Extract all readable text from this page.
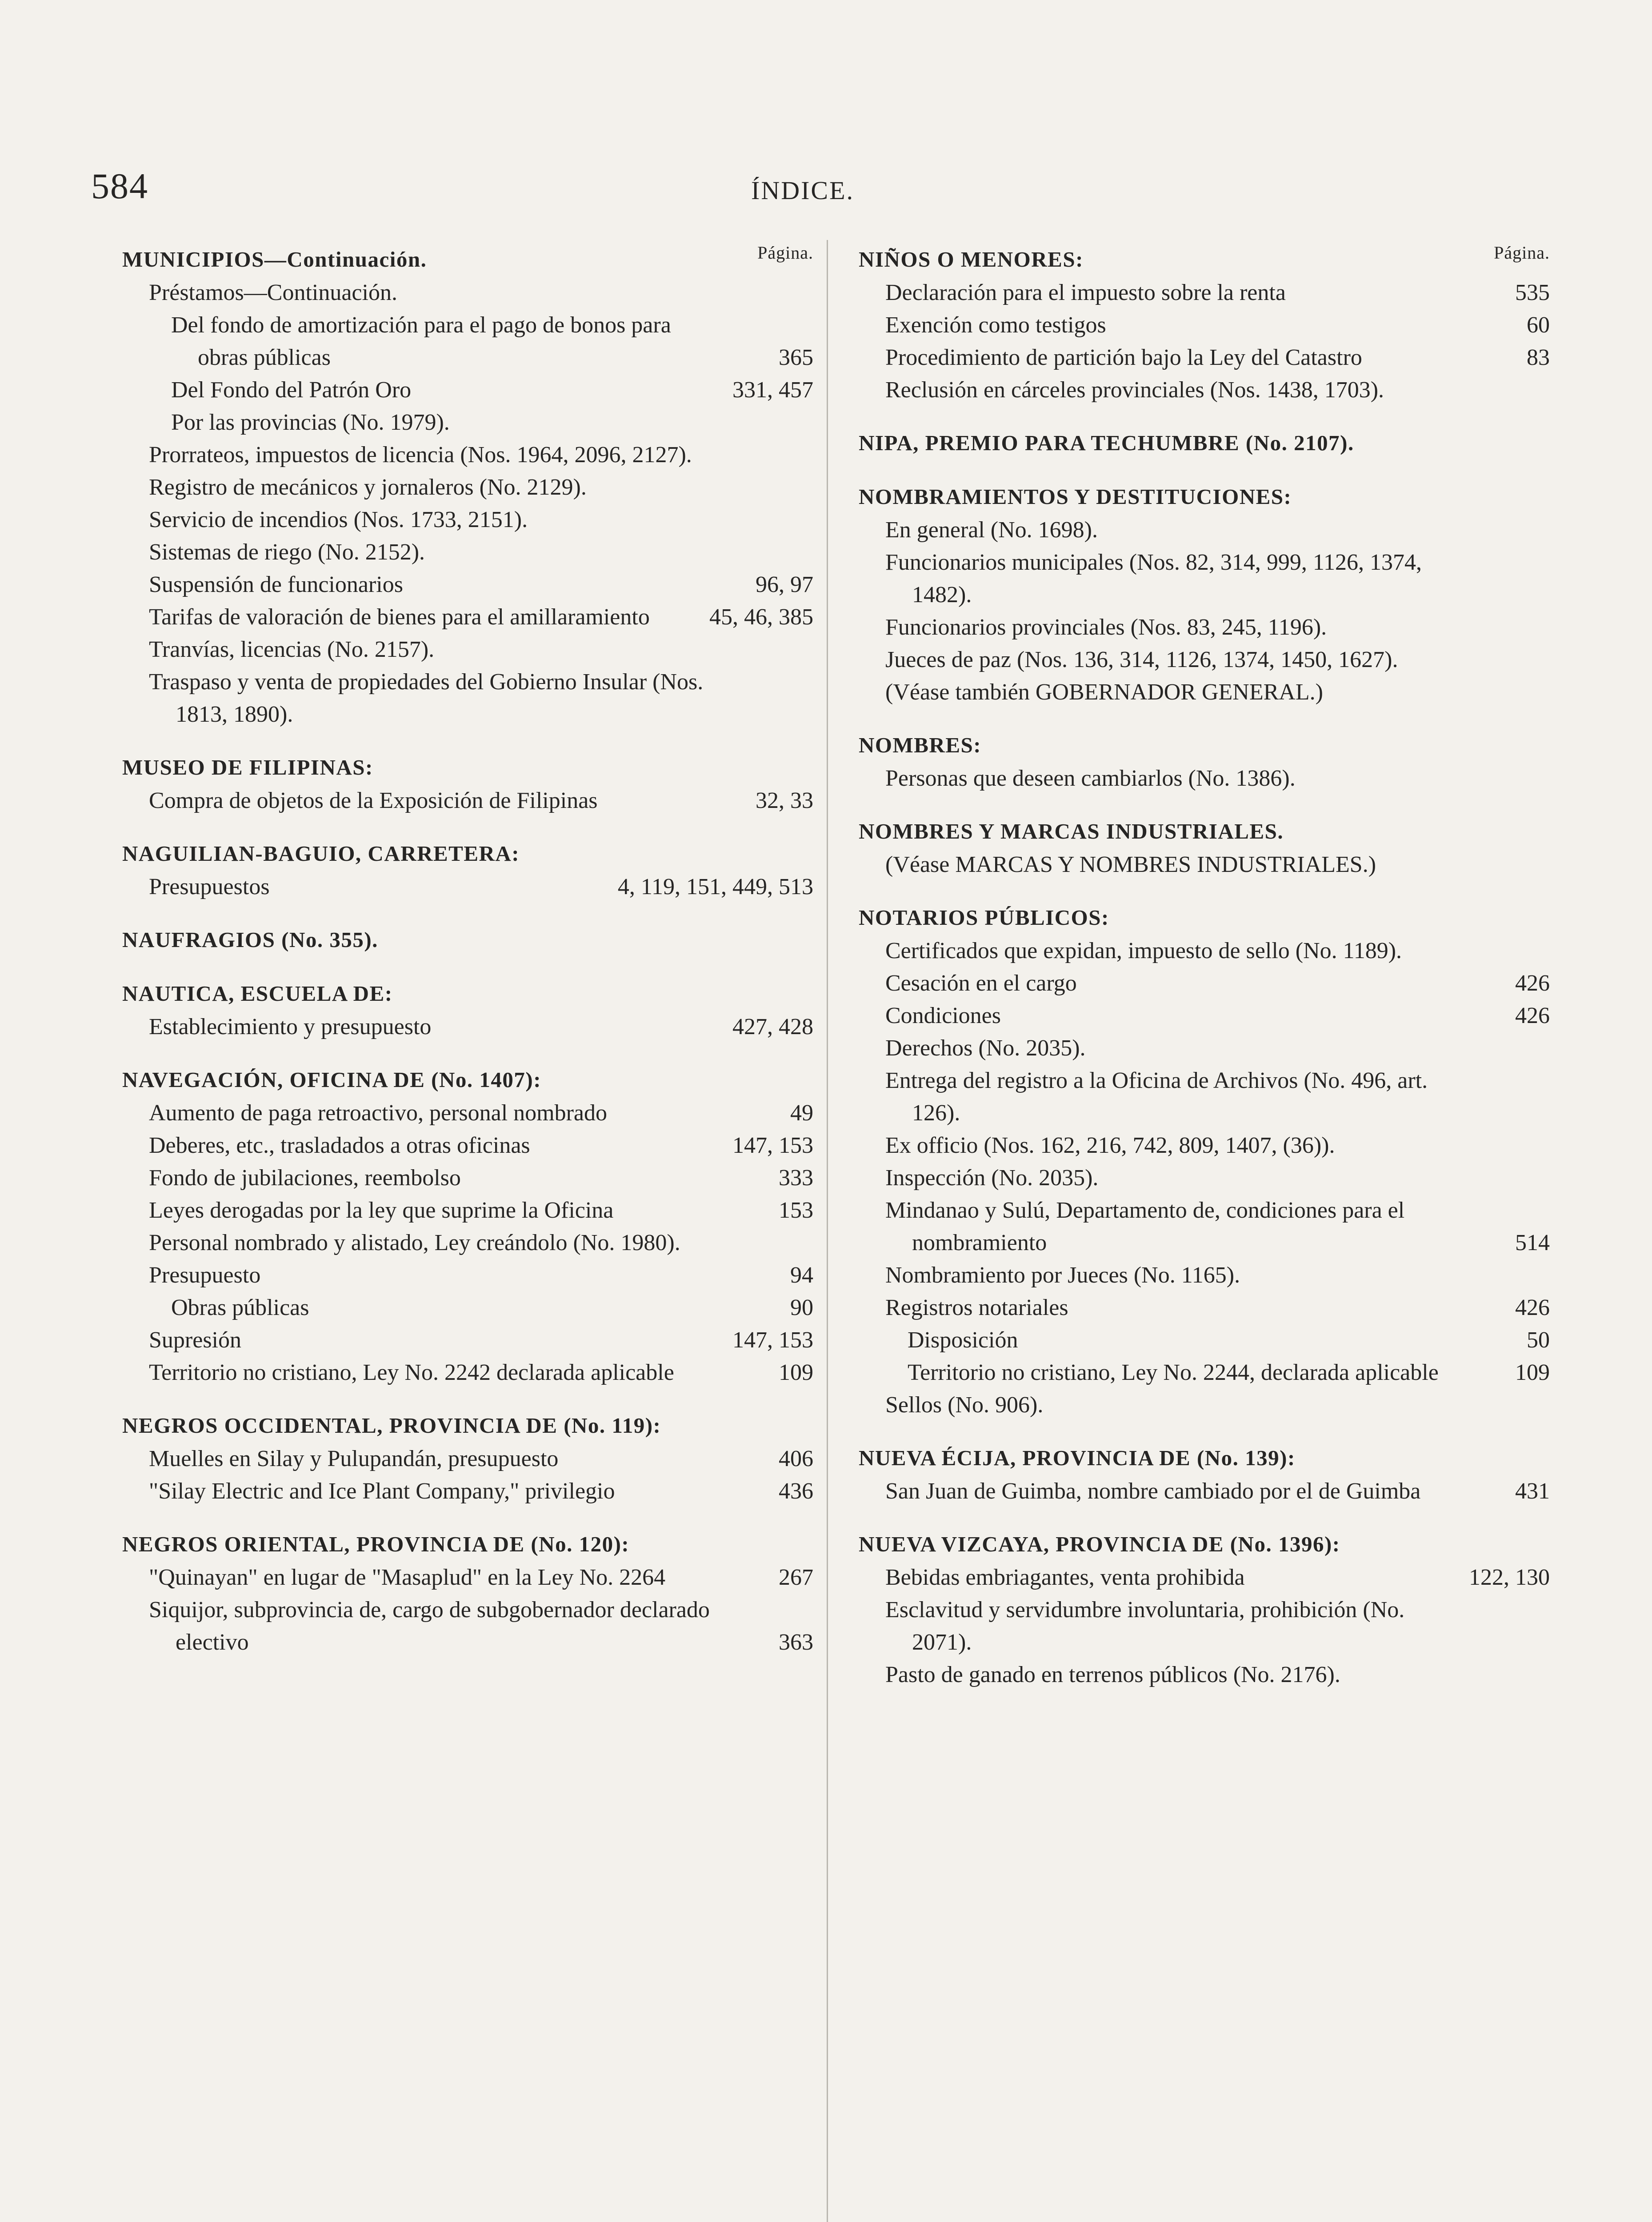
584	ÍNDICE.
Página.
MUNICIPIOS—Continuación.
Préstamos—Continuación.
Del fondo de amortización para el pago de bonos para obras públicas	365
Del Fondo del Patrón Oro	331, 457
Por las provincias (No. 1979).
Prorrateos, impuestos de licencia (Nos. 1964, 2096, 2127).
Registro de mecánicos y jornaleros (No. 2129).
Servicio de incendios (Nos. 1733, 2151).
Sistemas de riego (No. 2152).
Suspensión de funcionarios	96, 97
Tarifas de valoración de bienes para el amillaramiento	45, 46, 385
Tranvías, licencias (No. 2157).
Traspaso y venta de propiedades del Gobierno Insular (Nos. 1813, 1890).
MUSEO DE FILIPINAS:
Compra de objetos de la Exposición de Filipinas	32, 33
NAGUILIAN-BAGUIO, CARRETERA:
Presupuestos	4, 119, 151, 449, 513
NAUFRAGIOS (No. 355).
NAUTICA, ESCUELA DE:
Establecimiento y presupuesto	427, 428
NAVEGACIÓN, OFICINA DE (No. 1407):
Aumento de paga retroactivo, personal nombrado	49
Deberes, etc., trasladados a otras oficinas	147, 153
Fondo de jubilaciones, reembolso	333
Leyes derogadas por la ley que suprime la Oficina	153
Personal nombrado y alistado, Ley creándolo (No. 1980).
Presupuesto	94
Obras públicas	90
Supresión	147, 153
Territorio no cristiano, Ley No. 2242 declarada aplicable	109
NEGROS OCCIDENTAL, PROVINCIA DE (No. 119):
Muelles en Silay y Pulupandán, presupuesto	406
"Silay Electric and Ice Plant Company," privilegio	436
NEGROS ORIENTAL, PROVINCIA DE (No. 120):
"Quinayan" en lugar de "Masaplud" en la Ley No. 2264	267
Siquijor, subprovincia de, cargo de subgobernador declarado electivo	363
Página.
NIÑOS O MENORES:
Declaración para el impuesto sobre la renta	535
Exención como testigos	60
Procedimiento de partición bajo la Ley del Catastro	83
Reclusión en cárceles provinciales (Nos. 1438, 1703).
NIPA, PREMIO PARA TECHUMBRE (No. 2107).
NOMBRAMIENTOS Y DESTITUCIONES:
En general (No. 1698).
Funcionarios municipales (Nos. 82, 314, 999, 1126, 1374, 1482).
Funcionarios provinciales (Nos. 83, 245, 1196).
Jueces de paz (Nos. 136, 314, 1126, 1374, 1450, 1627).
(Véase también GOBERNADOR GENERAL.)
NOMBRES:
Personas que deseen cambiarlos (No. 1386).
NOMBRES Y MARCAS INDUSTRIALES.
(Véase MARCAS Y NOMBRES INDUSTRIALES.)
NOTARIOS PÚBLICOS:
Certificados que expidan, impuesto de sello (No. 1189).
Cesación en el cargo	426
Condiciones	426
Derechos (No. 2035).
Entrega del registro a la Oficina de Archivos (No. 496, art. 126).
Ex officio (Nos. 162, 216, 742, 809, 1407, (36)).
Inspección (No. 2035).
Mindanao y Sulú, Departamento de, condiciones para el nombramiento	514
Nombramiento por Jueces (No. 1165).
Registros notariales	426
Disposición	50
Territorio no cristiano, Ley No. 2244, declarada aplicable	109
Sellos (No. 906).
NUEVA ÉCIJA, PROVINCIA DE (No. 139):
San Juan de Guimba, nombre cambiado por el de Guimba	431
NUEVA VIZCAYA, PROVINCIA DE (No. 1396):
Bebidas embriagantes, venta prohibida	122, 130
Esclavitud y servidumbre involuntaria, prohibición (No. 2071).
Pasto de ganado en terrenos públicos (No. 2176).
